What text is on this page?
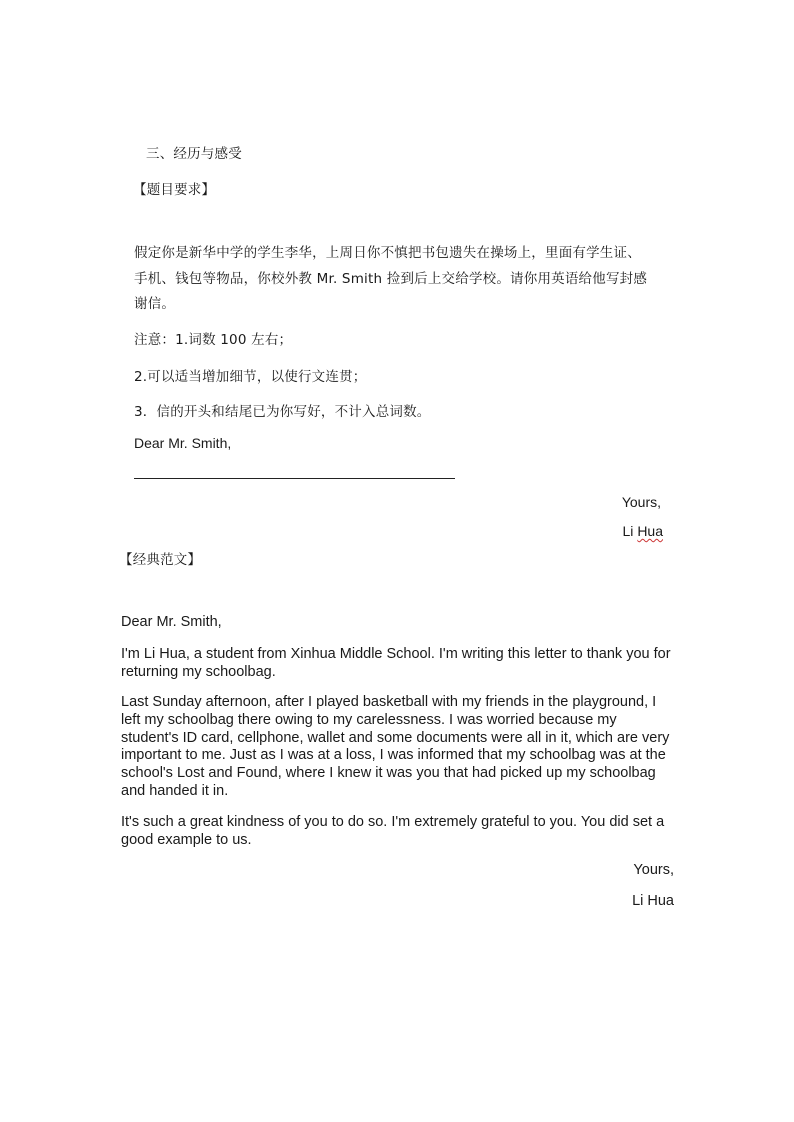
三、经历与感受
【题目要求】
假定你是新华中学的学生李华，上周日你不慎把书包遗失在操场上，里面有学生证、
手机、钱包等物品，你校外教 Mr. Smith 捡到后上交给学校。请你用英语给他写封感
谢信。
注意：1.词数 100 左右；
2.可以适当增加细节，以使行文连贯；
3．信的开头和结尾已为你写好，不计入总词数。
Dear Mr. Smith,
Yours,
Li Hua
【经典范文】
Dear Mr. Smith,
I'm Li Hua, a student from Xinhua Middle School. I'm writing this letter to thank you for returning my schoolbag.
Last Sunday afternoon, after I played basketball with my friends in the playground, I left my schoolbag there owing to my carelessness. I was worried because my student's ID card, cellphone, wallet and some documents were all in it, which are very important to me. Just as I was at a loss, I was informed that my schoolbag was at the school's Lost and Found, where I knew it was you that had picked up my schoolbag and handed it in.
It's such a great kindness of you to do so. I'm extremely grateful to you. You did set a good example to us.
Yours,
Li Hua
